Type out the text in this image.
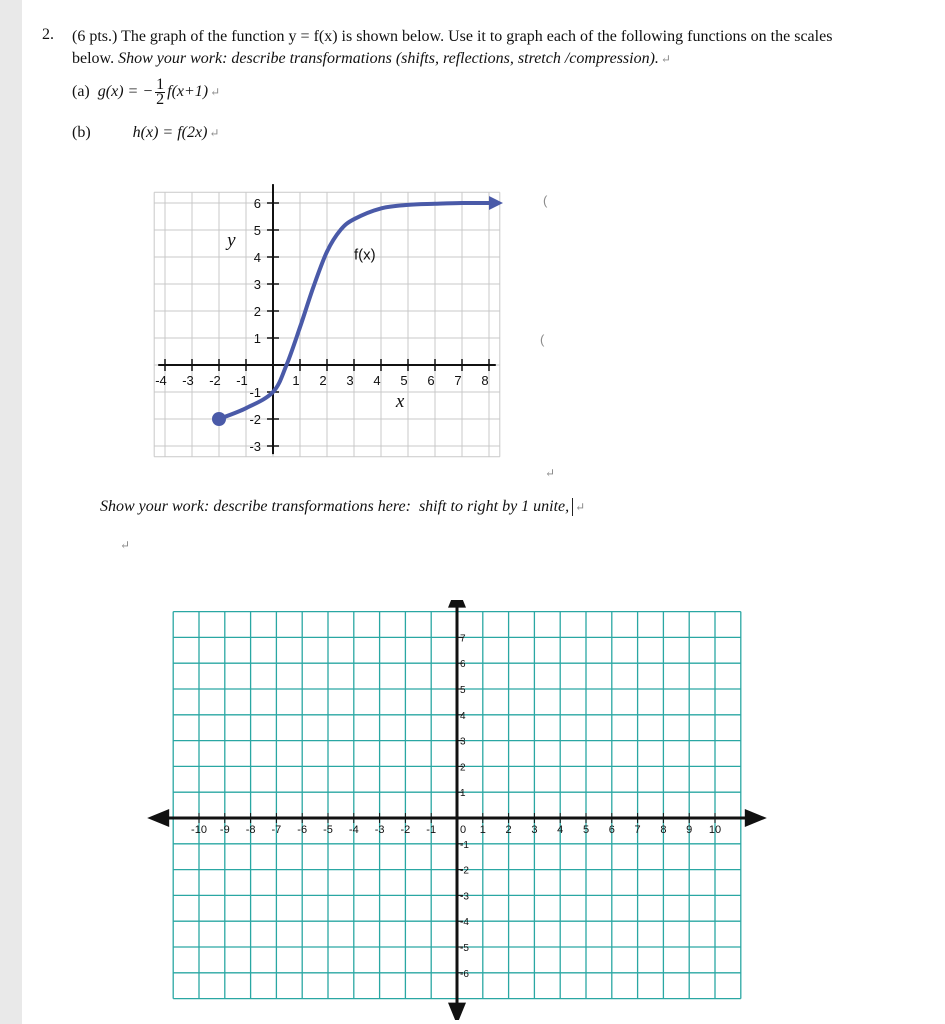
2. (6 pts.) The graph of the function y = f(x) is shown below. Use it to graph each of the following functions on the scales below. Show your work: describe transformations (shifts, reflections, stretch /compression). ↵
(a) g(x) = − $\frac{1}{2} f(x+1)$ ↵
(b)	h(x) = f(2x) ↵
-4 -3 -2 -1	1 2 3 4 5 6 7 8
6
5
4
3
2
1
-1
-2
-3
f(x)
y
x
(
(
↵
Show your work: describe transformations here: shift to right by 1 unite, ↵
↵
-10 -9 -8 -7 -6 -5 -4 -3 -2 -1 0 1 2 3 4 5 6 7 8 9 10
7
6
5
4
3
2
1
-1
-2
-3
-4
-5
-6
